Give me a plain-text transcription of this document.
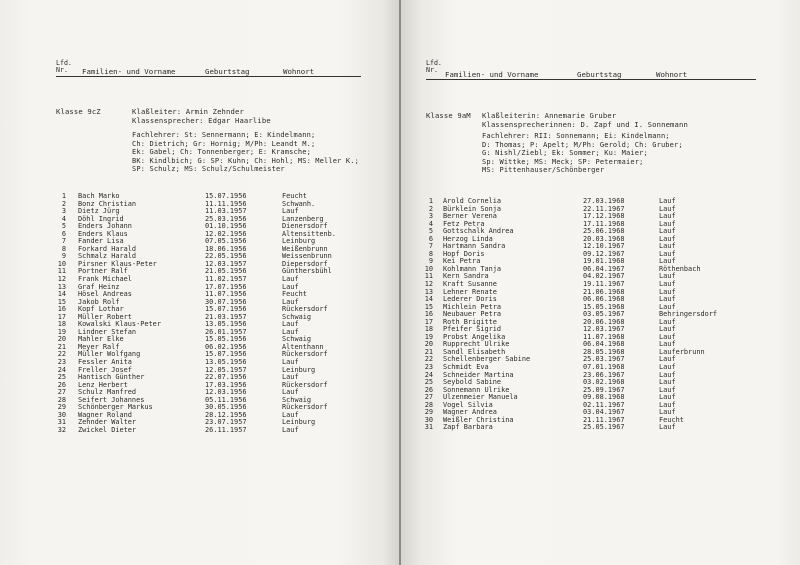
Lfd.
Nr.	Familien- und Vorname	Geburtstag	Wohnort
Klasse 9cZ	Klaßleiter: Armin Zehnder
Klassensprecher: Edgar Haarlibe
Fachlehrer: St: Sennermann; E: Kindelmann;
Ch: Dietrich; Gr: Hornig; M/Ph: Leandt M.;
Ek: Gabel; Ch: Tonnenberger; E: Kramsche;
BK: Kindlbich; G: SP: Kuhn; Ch: Hohl; MS: Meller K.;
SP: Schulz; MS: Schulz/Schulmeister
1 Bach Marko	15.07.1956	Feucht
2 Bonz Christian	11.11.1956	Schwanh.
3 Dietz Jürg	11.03.1957	Lauf
4 Döhl Ingrid	25.03.1956	Lanzenberg
5 Enders Johann	01.10.1956	Dienersdorf
6 Enders Klaus	12.02.1956	Altensittenb.
7 Fander Lisa	07.05.1956	Leinburg
8 Forkard Harald	18.06.1956	Weißenbrunn
9 Schmalz Harald	22.05.1956	Weissenbrunn
10 Pirsner Klaus-Peter	12.03.1957	Diepersdorf
11 Portner Ralf	21.05.1956	Günthersbühl
12 Frank Michael	11.02.1957	Lauf
13 Graf Heinz	17.07.1956	Lauf
14 Hösel Andreas	11.07.1956	Feucht
15 Jakob Rolf	30.07.1956	Lauf
16 Kopf Lothar	15.07.1956	Rückersdorf
17 Müller Robert	21.03.1957	Schwaig
18 Kowalski Klaus-Peter	13.05.1956	Lauf
19 Lindner Stefan	26.01.1957	Lauf
20 Mahler Elke	15.05.1956	Schwaig
21 Meyer Ralf	06.02.1956	Altenthann
22 Müller Wolfgang	15.07.1956	Rückersdorf
23 Fessler Anita	13.05.1956	Lauf
24 Freller Josef	12.05.1957	Leinburg
25 Hantisch Günther	22.07.1956	Lauf
26 Lenz Herbert	17.03.1956	Rückersdorf
27 Schulz Manfred	12.03.1956	Lauf
28 Seifert Johannes	05.11.1956	Schwaig
29 Schönberger Markus	30.05.1956	Rückersdorf
30 Wagner Roland	28.12.1956	Lauf
31 Zehnder Walter	23.07.1957	Leinburg
32 Zwickel Dieter	26.11.1957	Lauf
Lfd.
Nr.
Familien- und Vorname	Geburtstag	Wohnort
Klasse 9aM Klaßleiterin: Annemarie Gruber
Klassensprecherinnen: D. Zapf und I. Sonnemann
Fachlehrer: RII: Sonnemann; Ei: Kindelmann;
D: Thomas; P: Apelt; M/Ph: Gerold; Ch: Gruber;
G: Nishl/Ziebl; Ek: Sommer; Ku: Maier;
Sp: Wittke; MS: Meck; SP: Petermaier;
MS: Pittenhauser/Schönberger
1 Arold Cornelia	27.03.1968	Lauf
2 Bürklein Sonja	22.11.1967	Lauf
3 Berner Verena	17.12.1968	Lauf
4 Fetz Petra	17.11.1968	Lauf
5 Gottschalk Andrea	25.06.1968	Lauf
6 Herzog Linda	20.03.1968	Lauf
7 Hartmann Sandra	12.10.1967	Lauf
8 Hopf Doris	09.12.1967	Lauf
9 Kei Petra	19.01.1968	Lauf
10 Kohlmann Tanja	06.04.1967	Röthenbach
11 Kern Sandra	04.02.1967	Lauf
12 Kraft Susanne	19.11.1967	Lauf
13 Lehner Renate	21.06.1968	Lauf
14 Lederer Doris	06.06.1968	Lauf
15 Michlein Petra	15.05.1968	Lauf
16 Neubauer Petra	03.05.1967	Behringersdorf
17 Roth Brigitte	20.06.1968	Lauf
18 Pfeifer Sigrid	12.03.1967	Lauf
19 Probst Angelika	11.07.1968	Lauf
20 Rupprecht Ulrike	06.04.1968	Lauf
21 Sandl Elisabeth	28.05.1968	Lauferbrunn
22 Schellenberger Sabine	25.03.1967	Lauf
23 Schmidt Eva	07.01.1968	Lauf
24 Schneider Martina	23.06.1967	Lauf
25 Seybold Sabine	03.02.1968	Lauf
26 Sonnemann Ulrike	25.09.1967	Lauf
27 Ulzenmeier Manuela	09.08.1968	Lauf
28 Vogel Silvia	02.11.1967	Lauf
29 Wagner Andrea	03.04.1967	Lauf
30 Weißler Christina	21.11.1967	Feucht
31 Zapf Barbara	25.05.1967	Lauf
